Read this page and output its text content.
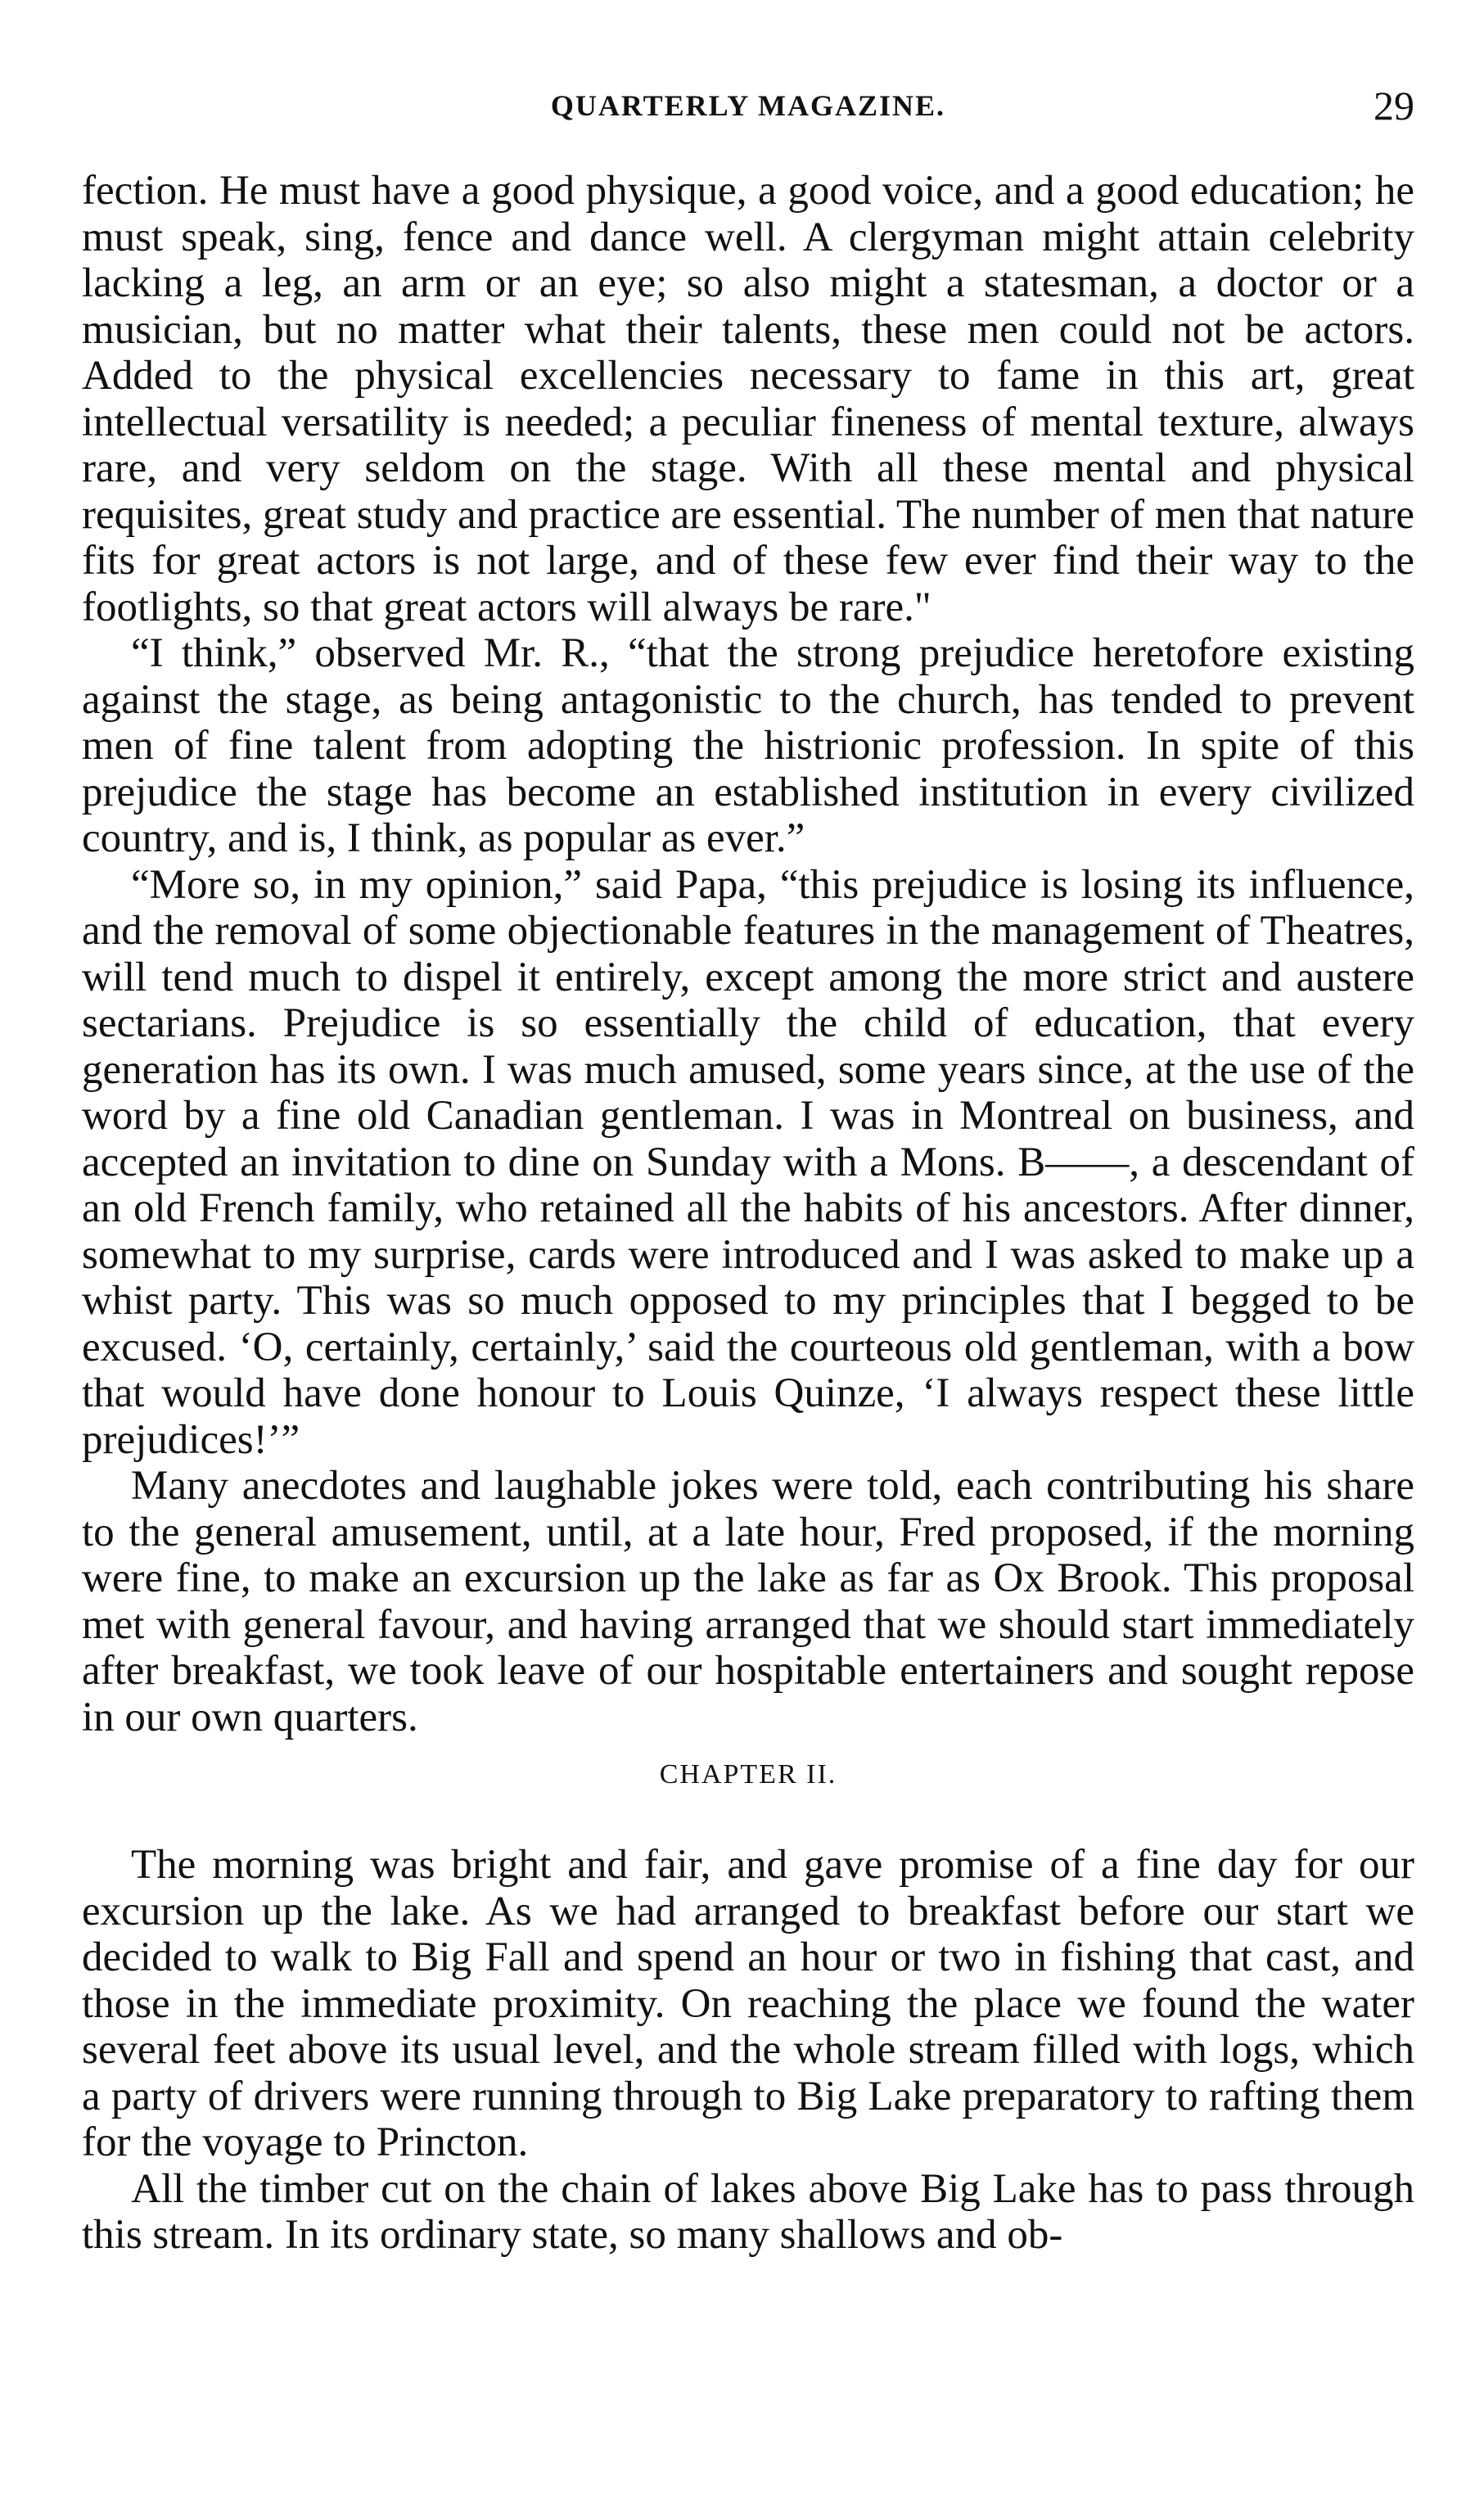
QUARTERLY MAGAZINE.	29

fection. He must have a good physique, a good voice, and a good education; he must speak, sing, fence and dance well. A clergyman might attain celebrity lacking a leg, an arm or an eye; so also might a statesman, a doctor or a musician, but no matter what their talents, these men could not be actors. Added to the physical excellencies necessary to fame in this art, great intellectual versatility is needed; a peculiar fineness of mental texture, always rare, and very seldom on the stage. With all these mental and physical requisites, great study and practice are essential. The number of men that nature fits for great actors is not large, and of these few ever find their way to the footlights, so that great actors will always be rare."

“I think,” observed Mr. R., “that the strong prejudice heretofore existing against the stage, as being antagonistic to the church, has tended to prevent men of fine talent from adopting the histrionic profession. In spite of this prejudice the stage has become an established institution in every civilized country, and is, I think, as popular as ever.”

“More so, in my opinion,” said Papa, “this prejudice is losing its influence, and the removal of some objectionable features in the management of Theatres, will tend much to dispel it entirely, except among the more strict and austere sectarians. Prejudice is so essentially the child of education, that every generation has its own. I was much amused, some years since, at the use of the word by a fine old Canadian gentleman. I was in Montreal on business, and accepted an invitation to dine on Sunday with a Mons. B——, a descendant of an old French family, who retained all the habits of his ancestors. After dinner, somewhat to my surprise, cards were introduced and I was asked to make up a whist party. This was so much opposed to my principles that I begged to be excused. ‘O, certainly, certainly,’ said the courteous old gentleman, with a bow that would have done honour to Louis Quinze, ‘I always respect these little prejudices!’”

Many anecdotes and laughable jokes were told, each contributing his share to the general amusement, until, at a late hour, Fred proposed, if the morning were fine, to make an excursion up the lake as far as Ox Brook. This proposal met with general favour, and having arranged that we should start immediately after breakfast, we took leave of our hospitable entertainers and sought repose in our own quarters.

CHAPTER II.

The morning was bright and fair, and gave promise of a fine day for our excursion up the lake. As we had arranged to breakfast before our start we decided to walk to Big Fall and spend an hour or two in fishing that cast, and those in the immediate proximity. On reaching the place we found the water several feet above its usual level, and the whole stream filled with logs, which a party of drivers were running through to Big Lake preparatory to rafting them for the voyage to Princton.

All the timber cut on the chain of lakes above Big Lake has to pass through this stream. In its ordinary state, so many shallows and ob-
